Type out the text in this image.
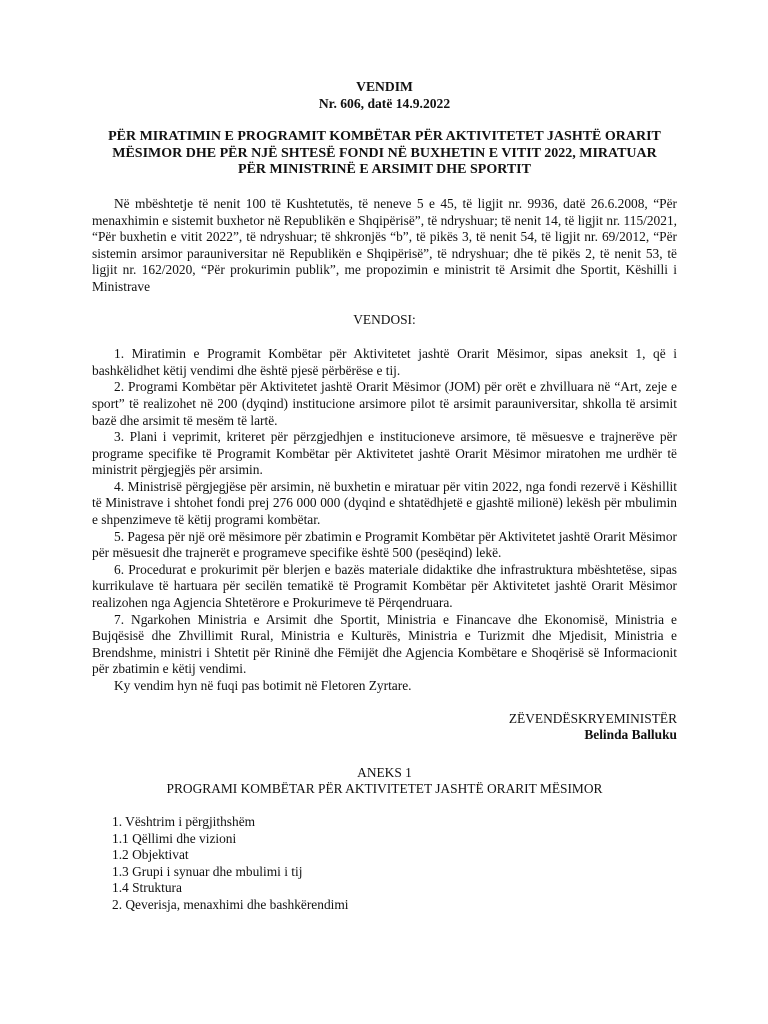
VENDIM
Nr. 606, datë 14.9.2022
PËR MIRATIMIN E PROGRAMIT KOMBËTAR PËR AKTIVITETET JASHTË ORARIT MËSIMOR DHE PËR NJË SHTESË FONDI NË BUXHETIN E VITIT 2022, MIRATUAR PËR MINISTRINË E ARSIMIT DHE SPORTIT

Në mbështetje të nenit 100 të Kushtetutës, të neneve 5 e 45, të ligjit nr. 9936, datë 26.6.2008, “Për menaxhimin e sistemit buxhetor në Republikën e Shqipërisë”, të ndryshuar; të nenit 14, të ligjit nr. 115/2021, “Për buxhetin e vitit 2022”, të ndryshuar; të shkronjës “b”, të pikës 3, të nenit 54, të ligjit nr. 69/2012, “Për sistemin arsimor parauniversitar në Republikën e Shqipërisë”, të ndryshuar; dhe të pikës 2, të nenit 53, të ligjit nr. 162/2020, “Për prokurimin publik”, me propozimin e ministrit të Arsimit dhe Sportit, Këshilli i Ministrave

VENDOSI:

1. Miratimin e Programit Kombëtar për Aktivitetet jashtë Orarit Mësimor, sipas aneksit 1, që i bashkëlidhet këtij vendimi dhe është pjesë përbërëse e tij.

2. Programi Kombëtar për Aktivitetet jashtë Orarit Mësimor (JOM) për orët e zhvilluara në “Art, zeje e sport” të realizohet në 200 (dyqind) institucione arsimore pilot të arsimit parauniversitar, shkolla të arsimit bazë dhe arsimit të mesëm të lartë.

3. Plani i veprimit, kriteret për përzgjedhjen e institucioneve arsimore, të mësuesve e trajnerëve për programe specifike të Programit Kombëtar për Aktivitetet jashtë Orarit Mësimor miratohen me urdhër të ministrit përgjegjës për arsimin.

4. Ministrisë përgjegjëse për arsimin, në buxhetin e miratuar për vitin 2022, nga fondi rezervë i Këshillit të Ministrave i shtohet fondi prej 276 000 000 (dyqind e shtatëdhjetë e gjashtë milionë) lekësh për mbulimin e shpenzimeve të këtij programi kombëtar.

5. Pagesa për një orë mësimore për zbatimin e Programit Kombëtar për Aktivitetet jashtë Orarit Mësimor për mësuesit dhe trajnerët e programeve specifike është 500 (pesëqind) lekë.

6. Procedurat e prokurimit për blerjen e bazës materiale didaktike dhe infrastruktura mbështetëse, sipas kurrikulave të hartuara për secilën tematikë të Programit Kombëtar për Aktivitetet jashtë Orarit Mësimor realizohen nga Agjencia Shtetërore e Prokurimeve të Përqendruara.

7. Ngarkohen Ministria e Arsimit dhe Sportit, Ministria e Financave dhe Ekonomisë, Ministria e Bujqësisë dhe Zhvillimit Rural, Ministria e Kulturës, Ministria e Turizmit dhe Mjedisit, Ministria e Brendshme, ministri i Shtetit për Rininë dhe Fëmijët dhe Agjencia Kombëtare e Shoqërisë së Informacionit për zbatimin e këtij vendimi.

Ky vendim hyn në fuqi pas botimit në Fletoren Zyrtare.

ZËVENDËSKRYEMINISTËR
Belinda Balluku
ANEKS 1
PROGRAMI KOMBËTAR PËR AKTIVITETET JASHTË ORARIT MËSIMOR
1. Vështrim i përgjithshëm
1.1 Qëllimi dhe vizioni
1.2 Objektivat
1.3 Grupi i synuar dhe mbulimi i tij
1.4 Struktura
2. Qeverisja, menaxhimi dhe bashkërendimi
